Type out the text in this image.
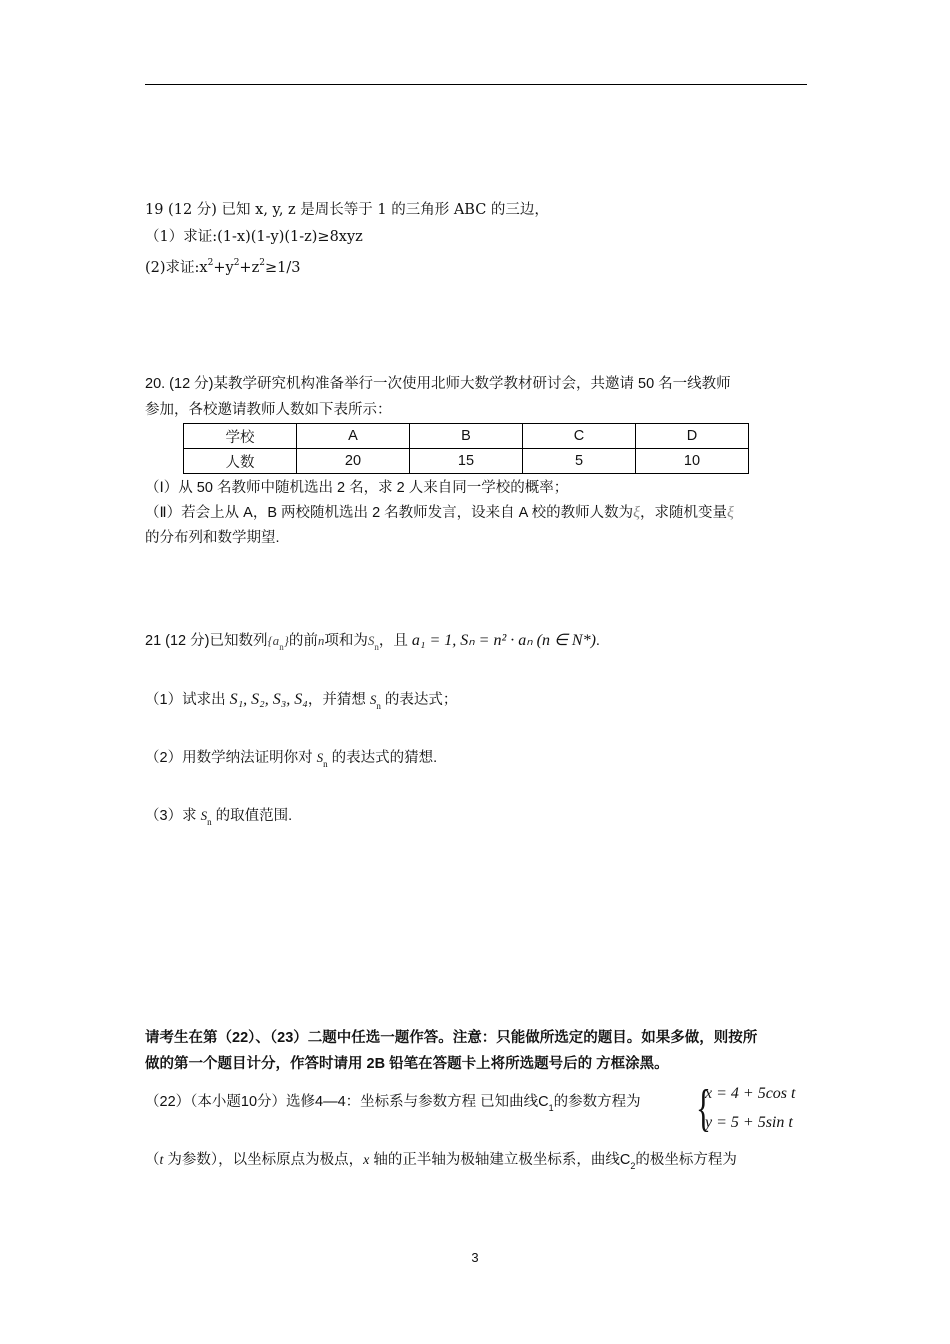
19 (12 分) 已知 x, y, z 是周长等于 1 的三角形 ABC 的三边，
（1）求证:(1-x)(1-y)(1-z)≥8xyz
(2)求证$:x^2+y^2+z^2\ge 1/3$
20. (12 分)某教学研究机构准备举行一次使用北师大数学教材研讨会，共邀请 50 名一线教师
参加，各校邀请教师人数如下表所示：
学校	A	B	C	D
人数	20	15	5	10
（Ⅰ）从 50 名教师中随机选出 2 名，求 2 人来自同一学校的概率；
（Ⅱ）若会上从 A，B 两校随机选出 2 名教师发言，设来自 A 校的教师人数为ξ，求随机变量ξ
的分布列和数学期望.
21 (12 分)已知数列$\{a_n\}$的前n项和为$S_n$，且 a₁ = 1, Sₙ = n² · aₙ (n ∈ N*).
（1）试求出 S₁, S₂, S₃, S₄，并猜想 $S_n$ 的表达式；
（2）用数学纳法证明你对 $S_n$ 的表达式的猜想.
（3）求 $S_n$ 的取值范围.
请考生在第（22）、（23）二题中任选一题作答。注意：只能做所选定的题目。如果多做，则按所
做的第一个题目计分，作答时请用 2B 铅笔在答题卡上将所选题号后的 方框涂黑。
（22）（本小题10分）选修4—4：坐标系与参数方程 已知曲线$C_1$的参数方程为 {
x = 4 + 5cos t
y = 5 + 5sin t
（t 为参数），以坐标原点为极点，x 轴的正半轴为极轴建立极坐标系，曲线$C_2$的极坐标方程为
3
